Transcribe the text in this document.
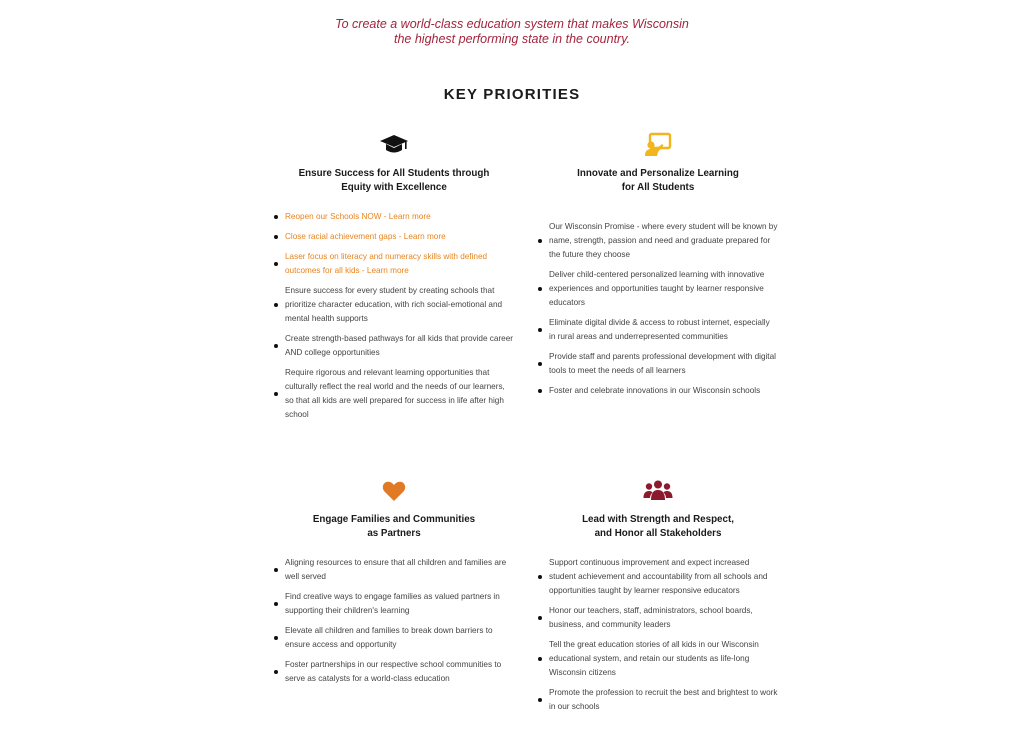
To create a world-class education system that makes Wisconsin
the highest performing state in the country.
KEY PRIORITIES
Ensure Success for All Students through
Equity with Excellence
Reopen our Schools NOW - Learn more
Close racial achievement gaps - Learn more
Laser focus on literacy and numeracy skills with defined outcomes for all kids - Learn more
Ensure success for every student by creating schools that prioritize character education, with rich social-emotional and mental health supports
Create strength-based pathways for all kids that provide career AND college opportunities
Require rigorous and relevant learning opportunities that culturally reflect the real world and the needs of our learners, so that all kids are well prepared for success in life after high school
Innovate and Personalize Learning
for All Students
Our Wisconsin Promise - where every student will be known by name, strength, passion and need and graduate prepared for the future they choose
Deliver child-centered personalized learning with innovative experiences and opportunities taught by learner responsive educators
Eliminate digital divide & access to robust internet, especially in rural areas and underrepresented communities
Provide staff and parents professional development with digital tools to meet the needs of all learners
Foster and celebrate innovations in our Wisconsin schools
Engage Families and Communities
as Partners
Aligning resources to ensure that all children and families are well served
Find creative ways to engage families as valued partners in supporting their children's learning
Elevate all children and families to break down barriers to ensure access and opportunity
Foster partnerships in our respective school communities to serve as catalysts for a world-class education
Lead with Strength and Respect,
and Honor all Stakeholders
Support continuous improvement and expect increased student achievement and accountability from all schools and opportunities taught by learner responsive educators
Honor our teachers, staff, administrators, school boards, business, and community leaders
Tell the great education stories of all kids in our Wisconsin educational system, and retain our students as life-long Wisconsin citizens
Promote the profession to recruit the best and brightest to work in our schools
